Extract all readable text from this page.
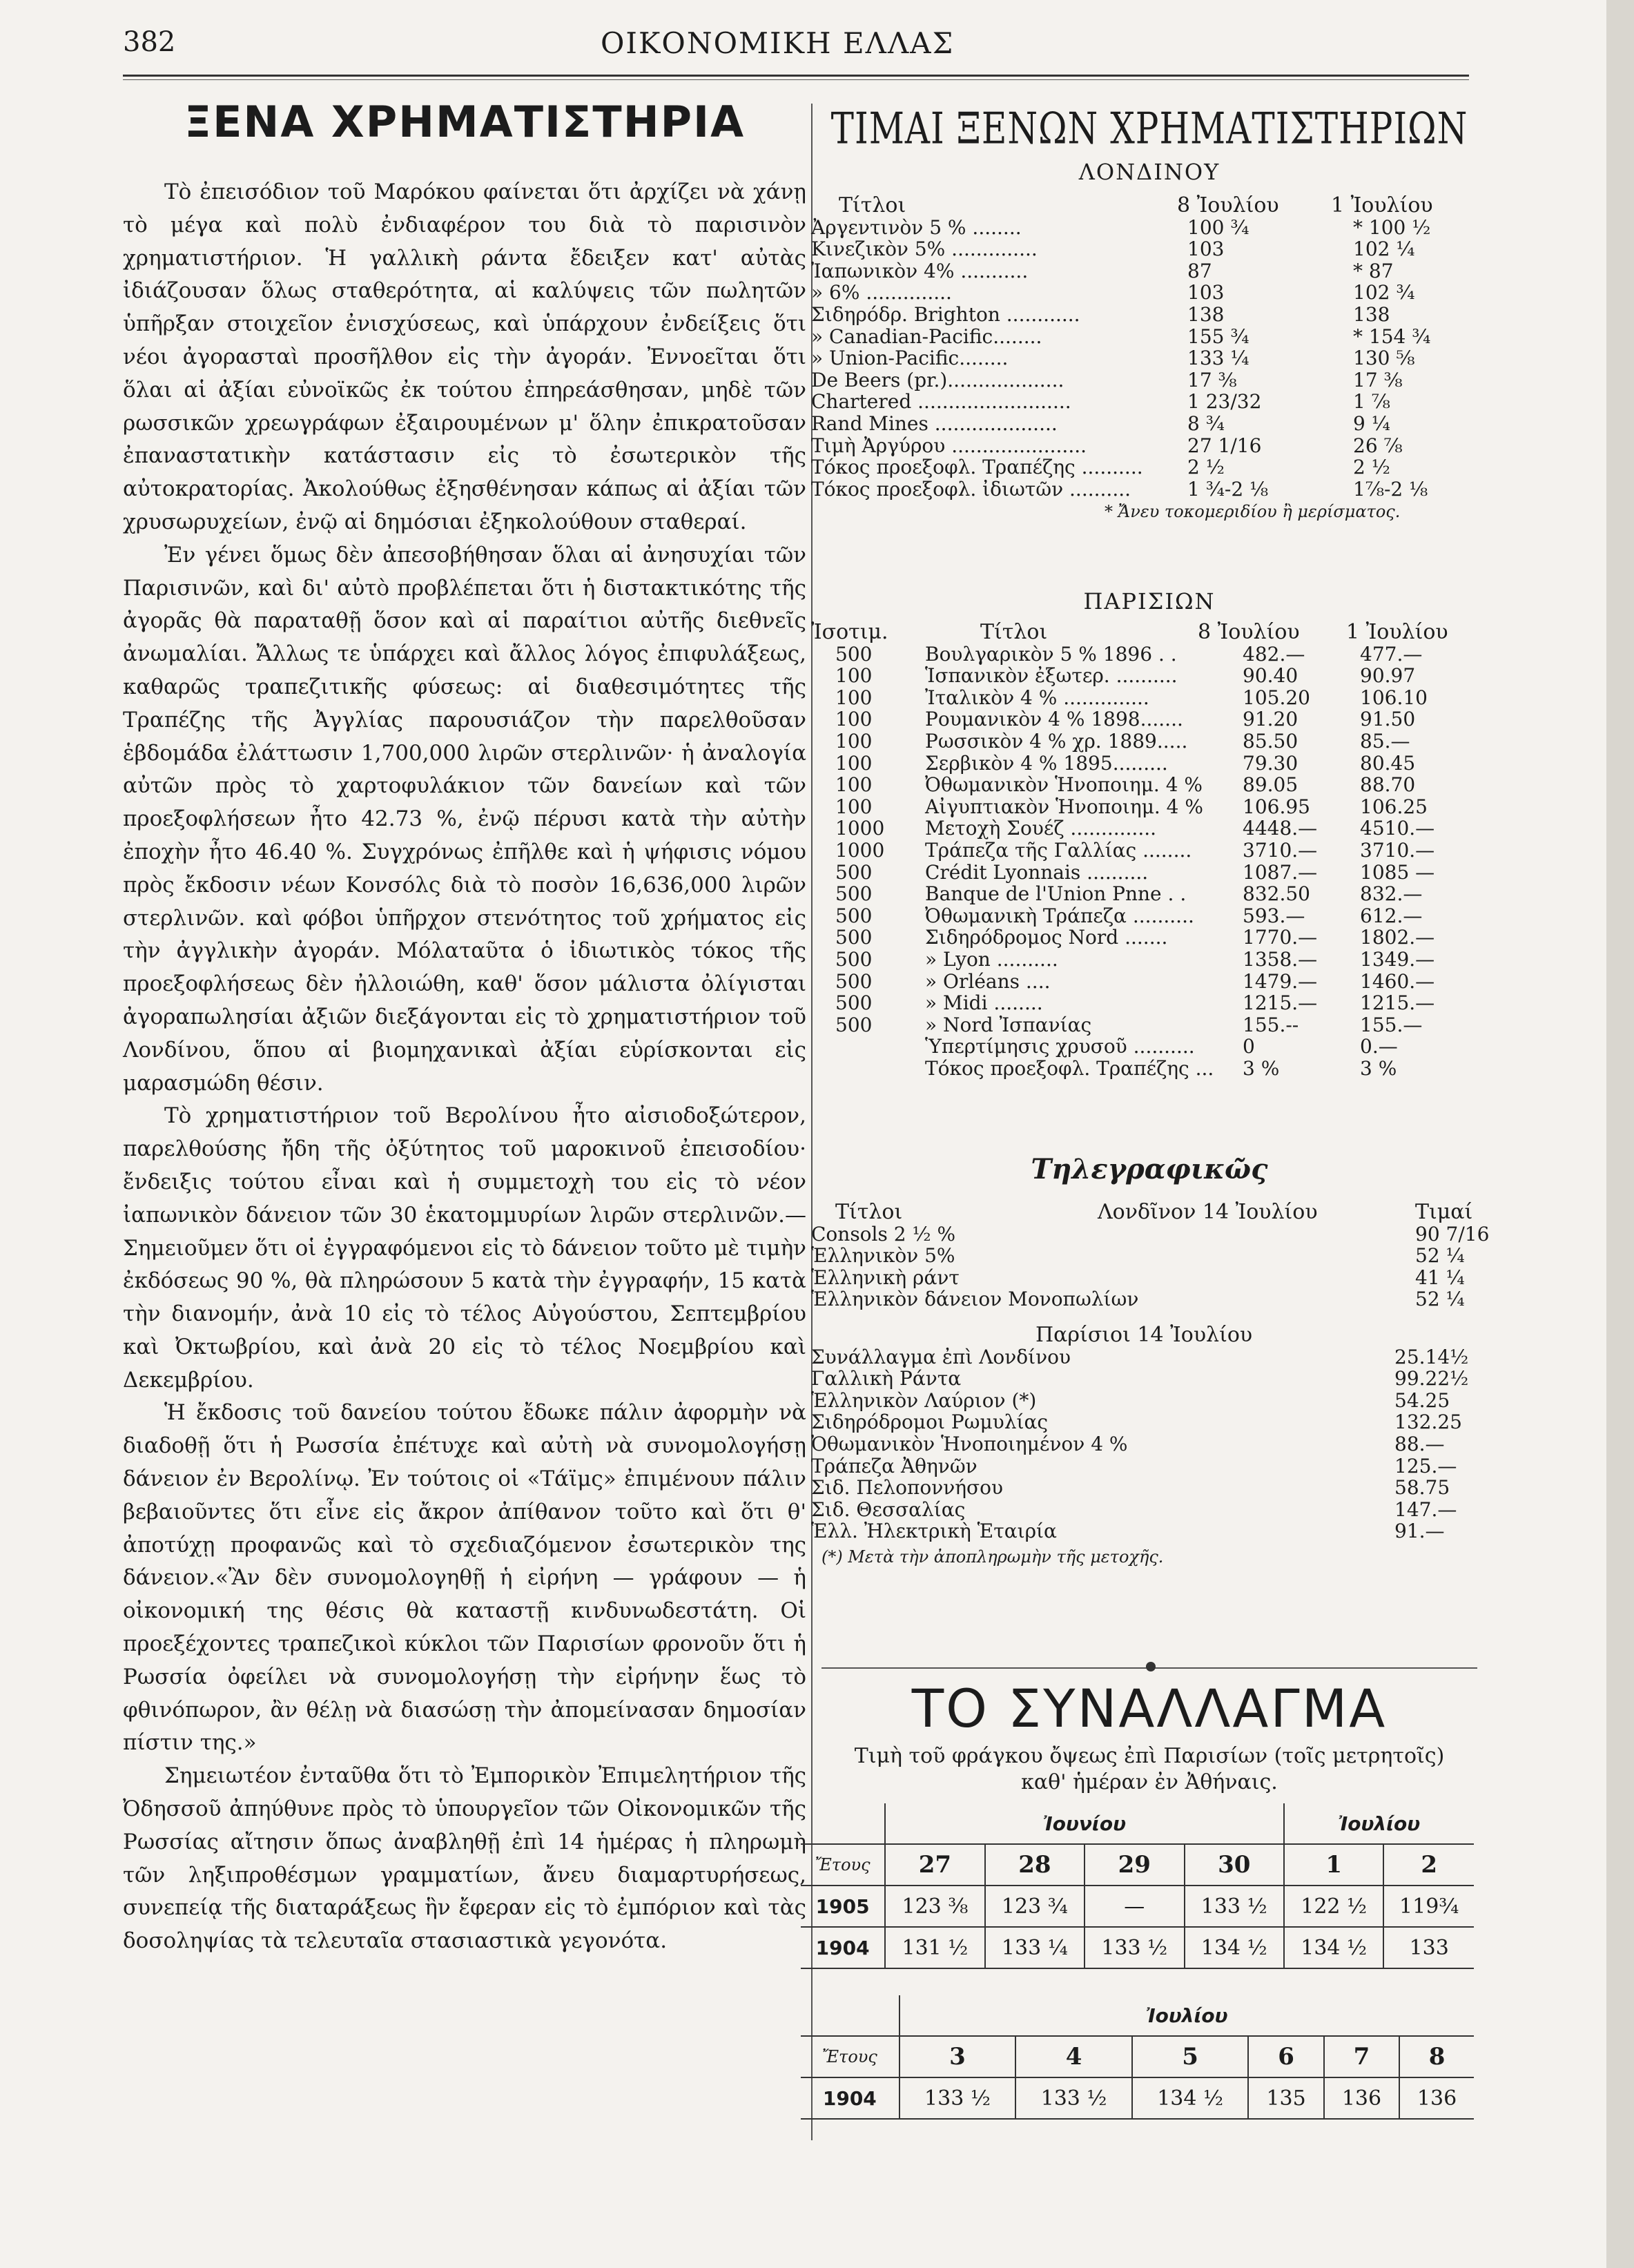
382	ΟΙΚΟΝΟΜΙΚΗ ΕΛΛΑΣ
ΞΕΝΑ ΧΡΗΜΑΤΙΣΤΗΡΙΑ

Τὸ ἐπεισόδιον τοῦ Μαρόκου φαίνεται ὅτι ἀρχίζει νὰ χάνῃ τὸ μέγα καὶ πολὺ ἐνδιαφέρον του διὰ τὸ παρισινὸν χρηματιστήριον. Ἡ γαλλικὴ ράντα ἔδειξεν κατ' αὐτὰς ἰδιάζουσαν ὅλως σταθερότητα, αἱ καλύψεις τῶν πωλητῶν ὑπῆρξαν στοιχεῖον ἐνισχύσεως, καὶ ὑπάρχουν ἐνδείξεις ὅτι νέοι ἀγορασταὶ προσῆλθον εἰς τὴν ἀγοράν. Ἐννοεῖται ὅτι ὅλαι αἱ ἀξίαι εὐνοϊκῶς ἐκ τούτου ἐπηρεάσθησαν, μηδὲ τῶν ρωσσικῶν χρεωγράφων ἐξαιρουμένων μ' ὅλην ἐπικρατοῦσαν ἐπαναστατικὴν κατάστασιν εἰς τὸ ἐσωτερικὸν τῆς αὐτοκρατορίας. Ἀκολούθως ἐξησθένησαν κάπως αἱ ἀξίαι τῶν χρυσωρυχείων, ἐνῷ αἱ δημόσιαι ἐξηκολούθουν σταθεραί.

Ἐν γένει ὅμως δὲν ἀπεσοβήθησαν ὅλαι αἱ ἀνησυχίαι τῶν Παρισινῶν, καὶ δι' αὐτὸ προβλέπεται ὅτι ἡ διστακτικότης τῆς ἀγορᾶς θὰ παραταθῇ ὅσον καὶ αἱ παραίτιοι αὐτῆς διεθνεῖς ἀνωμαλίαι. Ἄλλως τε ὑπάρχει καὶ ἄλλος λόγος ἐπιφυλάξεως, καθαρῶς τραπεζιτικῆς φύσεως: αἱ διαθεσιμότητες τῆς Τραπέζης τῆς Ἀγγλίας παρουσιάζον τὴν παρελθοῦσαν ἑβδομάδα ἐλάττωσιν 1,700,000 λιρῶν στερλινῶν· ἡ ἀναλογία αὐτῶν πρὸς τὸ χαρτοφυλάκιον τῶν δανείων καὶ τῶν προεξοφλήσεων ἦτο 42.73 %, ἐνῷ πέρυσι κατὰ τὴν αὐτὴν ἐποχὴν ἦτο 46.40 %. Συγχρόνως ἐπῆλθε καὶ ἡ ψήφισις νόμου πρὸς ἔκδοσιν νέων Κονσόλς διὰ τὸ ποσὸν 16,636,000 λιρῶν στερλινῶν. καὶ φόβοι ὑπῆρχον στενότητος τοῦ χρήματος εἰς τὴν ἀγγλικὴν ἀγοράν. Μόλαταῦτα ὁ ἰδιωτικὸς τόκος τῆς προεξοφλήσεως δὲν ἠλλοιώθη, καθ' ὅσον μάλιστα ὀλίγισται ἀγοραπωλησίαι ἀξιῶν διεξάγονται εἰς τὸ χρηματιστήριον τοῦ Λονδίνου, ὅπου αἱ βιομηχανικαὶ ἀξίαι εὑρίσκονται εἰς μαρασμώδη θέσιν.

Τὸ χρηματιστήριον τοῦ Βερολίνου ἦτο αἰσιοδοξώτερον, παρελθούσης ἤδη τῆς ὀξύτητος τοῦ μαροκινοῦ ἐπεισοδίου· ἔνδειξις τούτου εἶναι καὶ ἡ συμμετοχὴ του εἰς τὸ νέον ἰαπωνικὸν δάνειον τῶν 30 ἑκατομμυρίων λιρῶν στερλινῶν.—Σημειοῦμεν ὅτι οἱ ἐγγραφόμενοι εἰς τὸ δάνειον τοῦτο μὲ τιμὴν ἐκδόσεως 90 %, θὰ πληρώσουν 5 κατὰ τὴν ἐγγραφήν, 15 κατὰ τὴν διανομήν, ἀνὰ 10 εἰς τὸ τέλος Αὐγούστου, Σεπτεμβρίου καὶ Ὀκτωβρίου, καὶ ἀνὰ 20 εἰς τὸ τέλος Νοεμβρίου καὶ Δεκεμβρίου.

Ἡ ἔκδοσις τοῦ δανείου τούτου ἔδωκε πάλιν ἀφορμὴν νὰ διαδοθῇ ὅτι ἡ Ρωσσία ἐπέτυχε καὶ αὐτὴ νὰ συνομολογήσῃ δάνειον ἐν Βερολίνῳ. Ἐν τούτοις οἱ «Τάϊμς» ἐπιμένουν πάλιν βεβαιοῦντες ὅτι εἶνε εἰς ἄκρον ἀπίθανον τοῦτο καὶ ὅτι θ' ἀποτύχῃ προφανῶς καὶ τὸ σχεδιαζόμενον ἐσωτερικὸν της δάνειον.«Ἂν δὲν συνομολογηθῇ ἡ εἰρήνη — γράφουν — ἡ οἰκονομική της θέσις θὰ καταστῇ κινδυνωδεστάτη. Οἱ προεξέχοντες τραπεζικοὶ κύκλοι τῶν Παρισίων φρονοῦν ὅτι ἡ Ρωσσία ὀφείλει νὰ συνομολογήσῃ τὴν εἰρήνην ἕως τὸ φθινόπωρον, ἂν θέλῃ νὰ διασώσῃ τὴν ἀπομείνασαν δημοσίαν πίστιν της.»

Σημειωτέον ἐνταῦθα ὅτι τὸ Ἐμπορικὸν Ἐπιμελητήριον τῆς Ὀδησσοῦ ἀπηύθυνε πρὸς τὸ ὑπουργεῖον τῶν Οἰκονομικῶν τῆς Ρωσσίας αἴτησιν ὅπως ἀναβληθῇ ἐπὶ 14 ἡμέρας ἡ πληρωμὴ τῶν ληξιπροθέσμων γραμματίων, ἄνευ διαμαρτυρήσεως, συνεπείᾳ τῆς διαταράξεως ἣν ἔφεραν εἰς τὸ ἐμπόριον καὶ τὰς δοσοληψίας τὰ τελευταῖα στασιαστικὰ γεγονότα.

ΤΙΜΑΙ ΞΕΝΩΝ ΧΡΗΜΑΤΙΣΤΗΡΙΩΝ
ΛΟΝΔΙΝΟΥ
Τίτλοι	8 Ἰουλίου	1 Ἰουλίου
Ἀργεντινὸν 5 % ........	100 ¾	* 100 ½
Κινεζικὸν 5% ..............	103	102 ¼
Ἰαπωνικὸν 4% ...........	87	* 87
» 6% ..............	103	102 ¾
Σιδηρόδρ. Brighton ............	138	138
» Canadian-Pacific........	155 ¾	* 154 ¾
» Union-Pacific........	133 ¼	130 ⅝
De Beers (pr.)...................	17 ⅜	17 ⅜
Chartered .........................	1 23/32	1 ⅞
Rand Mines ....................	8 ¾	9 ¼
Τιμὴ Ἀργύρου ......................	27 1/16	26 ⅞
Τόκος προεξοφλ. Τραπέζης .......... 2 ½	2 ½
Τόκος προεξοφλ. ἰδιωτῶν ..........	1 ¾-2 ⅛	1⅞-2 ⅛
* Ἄνευ τοκομεριδίου ἢ μερίσματος.
ΠΑΡΙΣΙΩΝ
Ἰσοτιμ.	Τίτλοι	8 Ἰουλίου 1 Ἰουλίου
500	Βουλγαρικὸν 5 % 1896 . .	482.—	477.—
100	Ἱσπανικὸν ἐξωτερ. ..........	90.40	90.97
100	Ἰταλικὸν 4 % ..............	105.20	106.10
100	Ρουμανικὸν 4 % 1898.......	91.20	91.50
100	Ρωσσικὸν 4 % χρ. 1889.....	85.50	85.—
100	Σερβικὸν 4 % 1895.........	79.30	80.45
100	Ὀθωμανικὸν Ἡνοποιημ. 4 % 89.05	88.70
100	Αἰγυπτιακὸν Ἡνοποιημ. 4 % 106.95	106.25
1000 Μετοχὴ Σουέζ ..............	4448.— 4510.—
1000 Τράπεζα τῆς Γαλλίας ........	3710.— 3710.—
500	Crédit Lyonnais ..........	1087.— 1085 —
500	Banque de l'Union Pnne . .	832.50	832.—
500	Ὀθωμανικὴ Τράπεζα ..........	593.—	612.—
500	Σιδηρόδρομος Nord .......	1770.— 1802.—
500	» Lyon ..........	1358.— 1349.—
500	» Orléans ....	1479.— 1460.—
500	» Midi ........	1215.— 1215.—
500	» Nord Ἰσπανίας	155.--	155.—
Ὑπερτίμησις χρυσοῦ .......... 0	0.—
Τόκος προεξοφλ. Τραπέζης ... 3 %	3 %
Τηλεγραφικῶς
Τίτλοι	Λονδῖνον 14 Ἰουλίου	Τιμαί
Consols 2 ½ %	90 7/16
Ἑλληνικὸν 5%	52 ¼
Ἑλληνικὴ ράντ	41 ¼
Ἑλληνικὸν δάνειον Μονοπωλίων	52 ¼
Παρίσιοι 14 Ἰουλίου
Συνάλλαγμα ἐπὶ Λονδίνου	25.14½
Γαλλικὴ Ράντα	99.22½
Ἑλληνικὸν Λαύριον (*)	54.25
Σιδηρόδρομοι Ρωμυλίας	132.25
Ὀθωμανικὸν Ἡνοποιημένον 4 %	88.—
Τράπεζα Ἀθηνῶν	125.—
Σιδ. Πελοποννήσου	58.75
Σιδ. Θεσσαλίας	147.—
Ἑλλ. Ἠλεκτρικὴ Ἑταιρία	91.—
(*) Μετὰ τὴν ἀποπληρωμὴν τῆς μετοχῆς.
ΤΟ ΣΥΝΑΛΛΑΓΜΑ
Τιμὴ τοῦ φράγκου ὄψεως ἐπὶ Παρισίων (τοῖς μετρητοῖς)
καθ' ἡμέραν ἐν Ἀθήναις.
	Ἰουνίου				Ἰουλίου	
Ἔτους	27	28	29	30	1	2
1905	123 ⅜	123 ¾	—	133 ½	122 ½	119¾
1904	131 ½	133 ¼	133 ½	134 ½	134 ½	133
	Ἰουλίου					
Ἔτους	3	4	5	6	7	8
1904	133 ½	133 ½	134 ½	135	136	136
